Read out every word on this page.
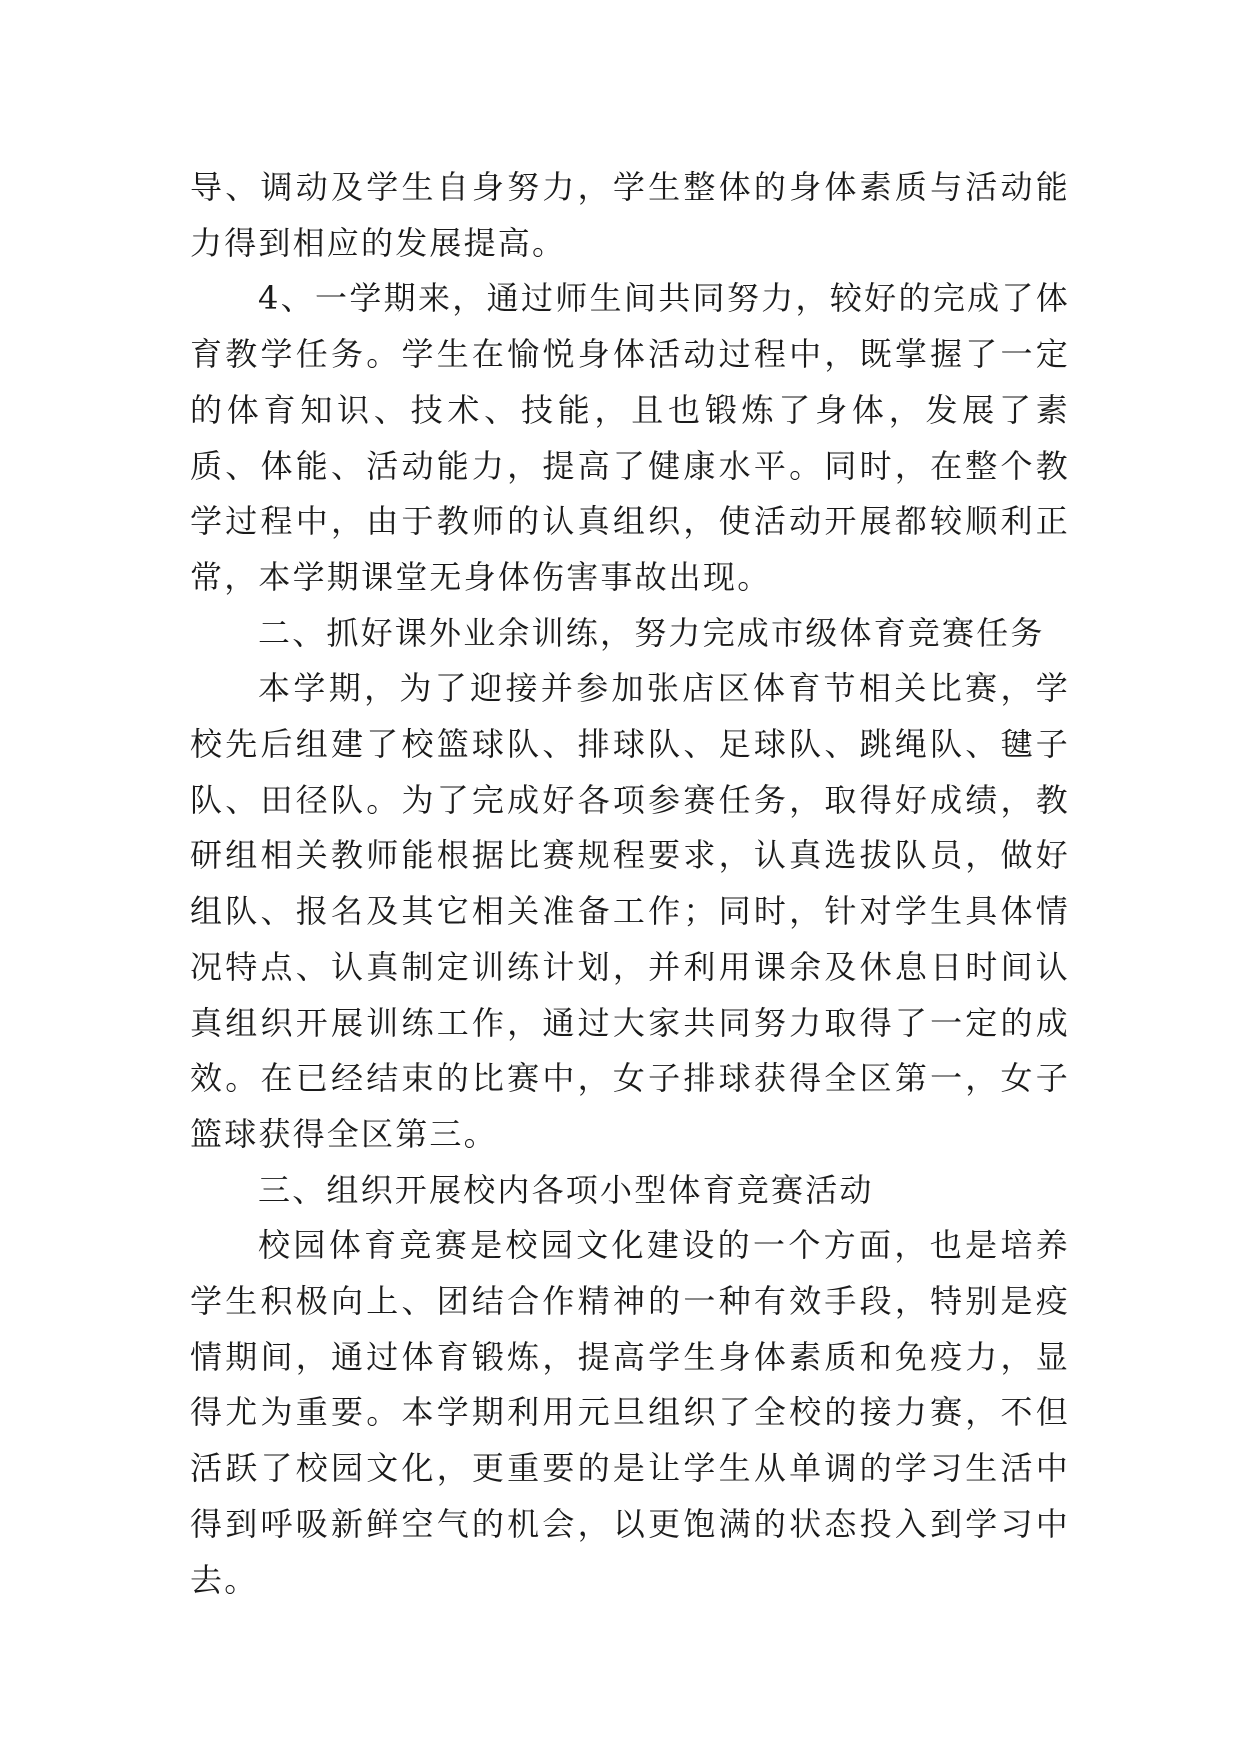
导、调动及学生自身努力，学生整体的身体素质与活动能力得到相应的发展提高。

4、一学期来，通过师生间共同努力，较好的完成了体育教学任务。学生在愉悦身体活动过程中，既掌握了一定的体育知识、技术、技能，且也锻炼了身体，发展了素质、体能、活动能力，提高了健康水平。同时，在整个教学过程中，由于教师的认真组织，使活动开展都较顺利正常，本学期课堂无身体伤害事故出现。

二、抓好课外业余训练，努力完成市级体育竞赛任务

本学期，为了迎接并参加张店区体育节相关比赛，学校先后组建了校篮球队、排球队、足球队、跳绳队、毽子队、田径队。为了完成好各项参赛任务，取得好成绩，教研组相关教师能根据比赛规程要求，认真选拔队员，做好组队、报名及其它相关准备工作；同时，针对学生具体情况特点、认真制定训练计划，并利用课余及休息日时间认真组织开展训练工作，通过大家共同努力取得了一定的成效。在已经结束的比赛中，女子排球获得全区第一，女子篮球获得全区第三。

三、组织开展校内各项小型体育竞赛活动

校园体育竞赛是校园文化建设的一个方面，也是培养学生积极向上、团结合作精神的一种有效手段，特别是疫情期间，通过体育锻炼，提高学生身体素质和免疫力，显得尤为重要。本学期利用元旦组织了全校的接力赛，不但活跃了校园文化，更重要的是让学生从单调的学习生活中得到呼吸新鲜空气的机会，以更饱满的状态投入到学习中去。
